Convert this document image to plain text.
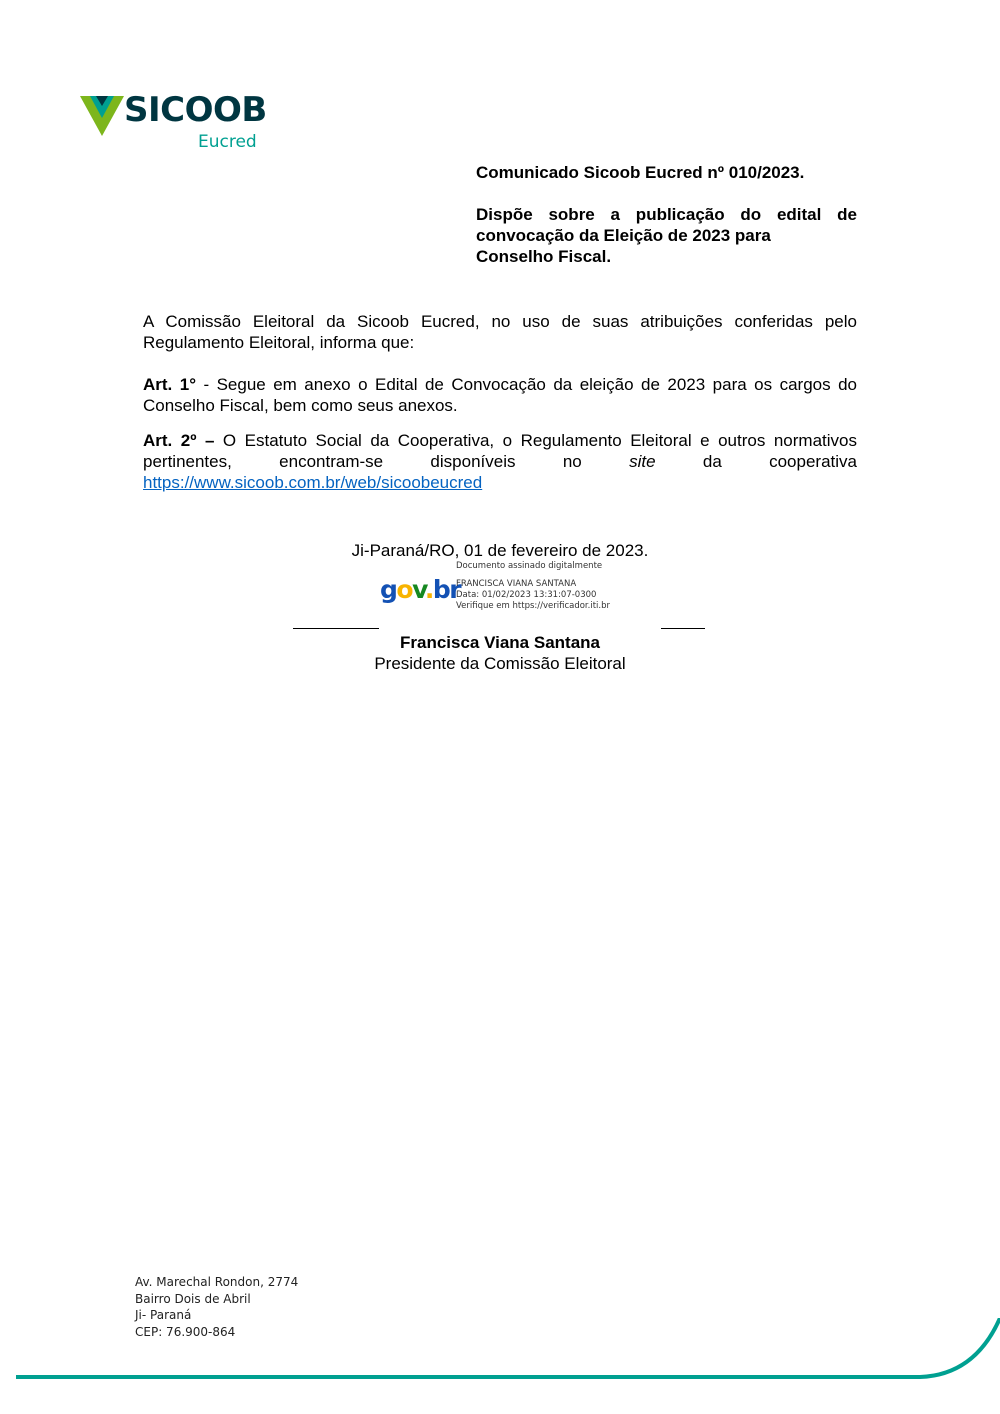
SICOOB
Eucred
Comunicado Sicoob Eucred nº 010/2023.
Dispõe sobre a publicação do edital de
convocação da Eleição de 2023 para
Conselho Fiscal.
A Comissão Eleitoral da Sicoob Eucred, no uso de suas atribuições conferidas pelo Regulamento Eleitoral, informa que:
Art. 1° - Segue em anexo o Edital de Convocação da eleição de 2023 para os cargos do Conselho Fiscal, bem como seus anexos.
Art. 2º – O Estatuto Social da Cooperativa, o Regulamento Eleitoral e outros normativos
pertinentes, encontram-se disponíveis no site da cooperativa
https://www.sicoob.com.br/web/sicoobeucred
Ji-Paraná/RO, 01 de fevereiro de 2023.
gov.br
Documento assinado digitalmente
FRANCISCA VIANA SANTANA
Data: 01/02/2023 13:31:07-0300
Verifique em https://verificador.iti.br
Francisca Viana Santana
Presidente da Comissão Eleitoral
Av. Marechal Rondon, 2774
Bairro Dois de Abril
Ji- Paraná
CEP: 76.900-864
